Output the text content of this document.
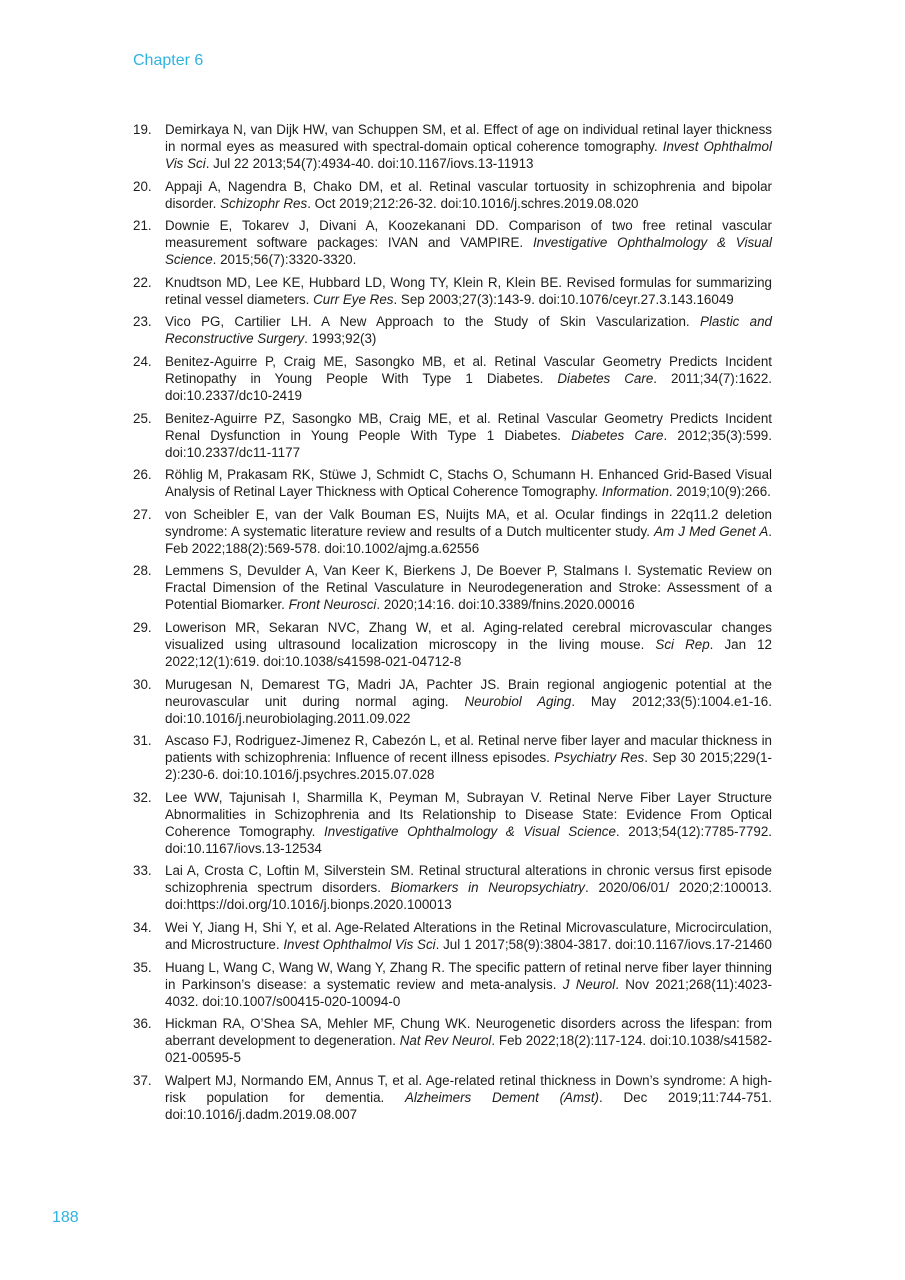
Chapter 6
19. Demirkaya N, van Dijk HW, van Schuppen SM, et al. Effect of age on individual retinal layer thickness in normal eyes as measured with spectral-domain optical coherence tomography. Invest Ophthalmol Vis Sci. Jul 22 2013;54(7):4934-40. doi:10.1167/iovs.13-11913
20. Appaji A, Nagendra B, Chako DM, et al. Retinal vascular tortuosity in schizophrenia and bipolar disorder. Schizophr Res. Oct 2019;212:26-32. doi:10.1016/j.schres.2019.08.020
21. Downie E, Tokarev J, Divani A, Koozekanani DD. Comparison of two free retinal vascular measurement software packages: IVAN and VAMPIRE. Investigative Ophthalmology & Visual Science. 2015;56(7):3320-3320.
22. Knudtson MD, Lee KE, Hubbard LD, Wong TY, Klein R, Klein BE. Revised formulas for summarizing retinal vessel diameters. Curr Eye Res. Sep 2003;27(3):143-9. doi:10.1076/ceyr.27.3.143.16049
23. Vico PG, Cartilier LH. A New Approach to the Study of Skin Vascularization. Plastic and Reconstructive Surgery. 1993;92(3)
24. Benitez-Aguirre P, Craig ME, Sasongko MB, et al. Retinal Vascular Geometry Predicts Incident Retinopathy in Young People With Type 1 Diabetes. Diabetes Care. 2011;34(7):1622. doi:10.2337/dc10-2419
25. Benitez-Aguirre PZ, Sasongko MB, Craig ME, et al. Retinal Vascular Geometry Predicts Incident Renal Dysfunction in Young People With Type 1 Diabetes. Diabetes Care. 2012;35(3):599. doi:10.2337/dc11-1177
26. Röhlig M, Prakasam RK, Stüwe J, Schmidt C, Stachs O, Schumann H. Enhanced Grid-Based Visual Analysis of Retinal Layer Thickness with Optical Coherence Tomography. Information. 2019;10(9):266.
27. von Scheibler E, van der Valk Bouman ES, Nuijts MA, et al. Ocular findings in 22q11.2 deletion syndrome: A systematic literature review and results of a Dutch multicenter study. Am J Med Genet A. Feb 2022;188(2):569-578. doi:10.1002/ajmg.a.62556
28. Lemmens S, Devulder A, Van Keer K, Bierkens J, De Boever P, Stalmans I. Systematic Review on Fractal Dimension of the Retinal Vasculature in Neurodegeneration and Stroke: Assessment of a Potential Biomarker. Front Neurosci. 2020;14:16. doi:10.3389/fnins.2020.00016
29. Lowerison MR, Sekaran NVC, Zhang W, et al. Aging-related cerebral microvascular changes visualized using ultrasound localization microscopy in the living mouse. Sci Rep. Jan 12 2022;12(1):619. doi:10.1038/s41598-021-04712-8
30. Murugesan N, Demarest TG, Madri JA, Pachter JS. Brain regional angiogenic potential at the neurovascular unit during normal aging. Neurobiol Aging. May 2012;33(5):1004.e1-16. doi:10.1016/j.neurobiolaging.2011.09.022
31. Ascaso FJ, Rodriguez-Jimenez R, Cabezón L, et al. Retinal nerve fiber layer and macular thickness in patients with schizophrenia: Influence of recent illness episodes. Psychiatry Res. Sep 30 2015;229(1-2):230-6. doi:10.1016/j.psychres.2015.07.028
32. Lee WW, Tajunisah I, Sharmilla K, Peyman M, Subrayan V. Retinal Nerve Fiber Layer Structure Abnormalities in Schizophrenia and Its Relationship to Disease State: Evidence From Optical Coherence Tomography. Investigative Ophthalmology & Visual Science. 2013;54(12):7785-7792. doi:10.1167/iovs.13-12534
33. Lai A, Crosta C, Loftin M, Silverstein SM. Retinal structural alterations in chronic versus first episode schizophrenia spectrum disorders. Biomarkers in Neuropsychiatry. 2020/06/01/ 2020;2:100013. doi:https://doi.org/10.1016/j.bionps.2020.100013
34. Wei Y, Jiang H, Shi Y, et al. Age-Related Alterations in the Retinal Microvasculature, Microcirculation, and Microstructure. Invest Ophthalmol Vis Sci. Jul 1 2017;58(9):3804-3817. doi:10.1167/iovs.17-21460
35. Huang L, Wang C, Wang W, Wang Y, Zhang R. The specific pattern of retinal nerve fiber layer thinning in Parkinson’s disease: a systematic review and meta-analysis. J Neurol. Nov 2021;268(11):4023-4032. doi:10.1007/s00415-020-10094-0
36. Hickman RA, O’Shea SA, Mehler MF, Chung WK. Neurogenetic disorders across the lifespan: from aberrant development to degeneration. Nat Rev Neurol. Feb 2022;18(2):117-124. doi:10.1038/s41582-021-00595-5
37. Walpert MJ, Normando EM, Annus T, et al. Age-related retinal thickness in Down’s syndrome: A high-risk population for dementia. Alzheimers Dement (Amst). Dec 2019;11:744-751. doi:10.1016/j.dadm.2019.08.007
188
